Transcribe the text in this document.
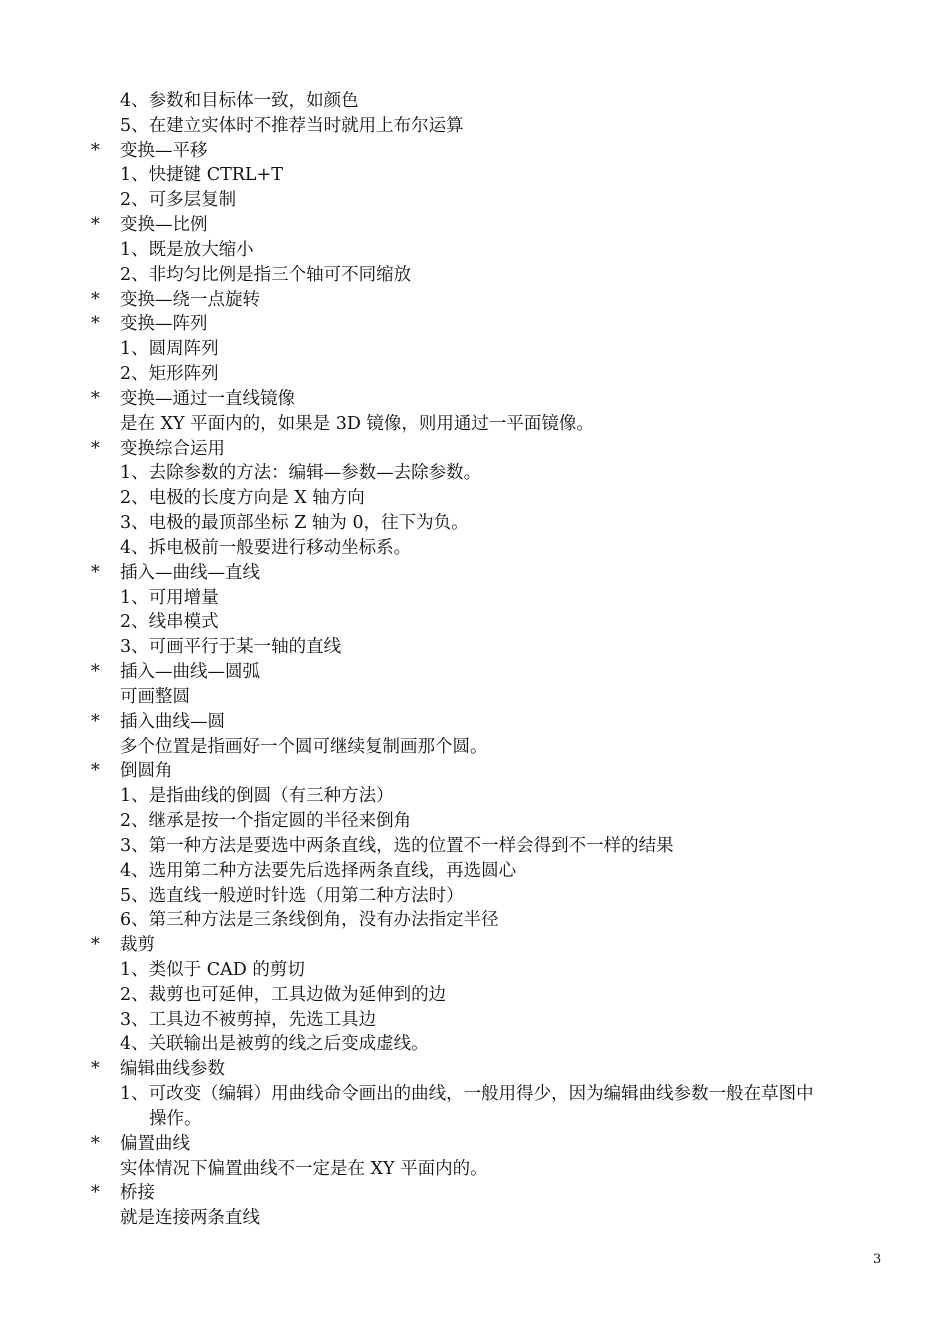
4、参数和目标体一致，如颜色
5、在建立实体时不推荐当时就用上布尔运算
* 变换—平移
1、快捷键 CTRL+T
2、可多层复制
* 变换—比例
1、既是放大缩小
2、非均匀比例是指三个轴可不同缩放
* 变换—绕一点旋转
* 变换—阵列
1、圆周阵列
2、矩形阵列
* 变换—通过一直线镜像
是在 XY 平面内的，如果是 3D 镜像，则用通过一平面镜像。
* 变换综合运用
1、去除参数的方法：编辑—参数—去除参数。
2、电极的长度方向是 X 轴方向
3、电极的最顶部坐标 Z 轴为 0，往下为负。
4、拆电极前一般要进行移动坐标系。
* 插入—曲线—直线
1、可用增量
2、线串模式
3、可画平行于某一轴的直线
* 插入—曲线—圆弧
可画整圆
* 插入曲线—圆
多个位置是指画好一个圆可继续复制画那个圆。
* 倒圆角
1、是指曲线的倒圆（有三种方法）
2、继承是按一个指定圆的半径来倒角
3、第一种方法是要选中两条直线，选的位置不一样会得到不一样的结果
4、选用第二种方法要先后选择两条直线，再选圆心
5、选直线一般逆时针选（用第二种方法时）
6、第三种方法是三条线倒角，没有办法指定半径
* 裁剪
1、类似于 CAD 的剪切
2、裁剪也可延伸，工具边做为延伸到的边
3、工具边不被剪掉，先选工具边
4、关联输出是被剪的线之后变成虚线。
* 编辑曲线参数
1、可改变（编辑）用曲线命令画出的曲线，一般用得少，因为编辑曲线参数一般在草图中
操作。
* 偏置曲线
实体情况下偏置曲线不一定是在 XY 平面内的。
* 桥接
就是连接两条直线
3
